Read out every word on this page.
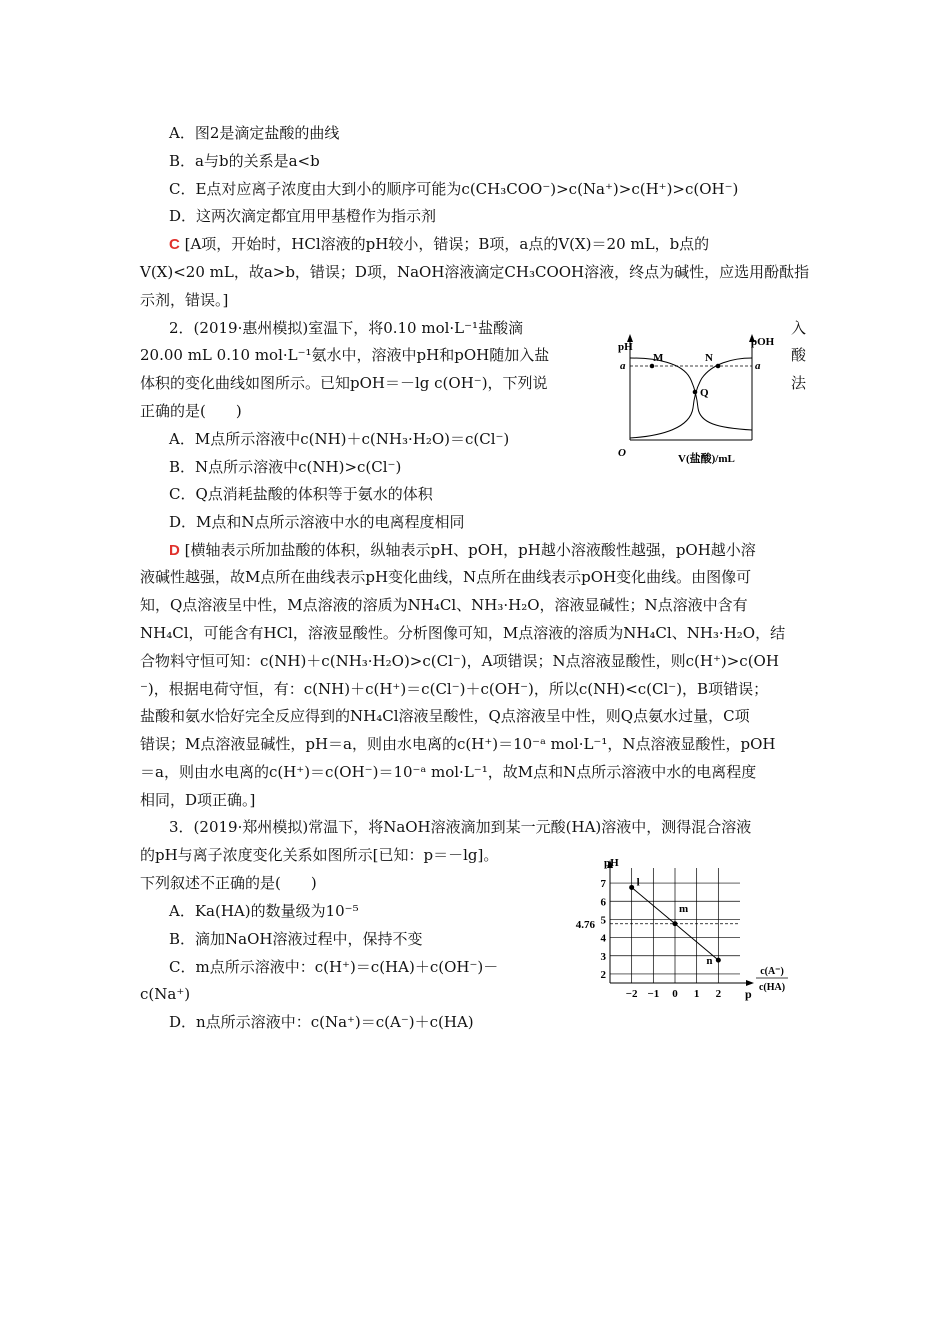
A．图2是滴定盐酸的曲线
B．a与b的关系是a<b
C．E点对应离子浓度由大到小的顺序可能为c(CH₃COO⁻)>c(Na⁺)>c(H⁺)>c(OH⁻)
D．这两次滴定都宜用甲基橙作为指示剂
C [A项，开始时，HCl溶液的pH较小，错误；B项，a点的V(X)＝20 mL，b点的
V(X)<20 mL，故a>b，错误；D项，NaOH溶液滴定CH₃COOH溶液，终点为碱性，应选用酚酞指
示剂，错误。]
2．(2019·惠州模拟)室温下，将0.10 mol·L⁻¹盐酸滴
20.00 mL 0.10 mol·L⁻¹氨水中，溶液中pH和pOH随加入盐
体积的变化曲线如图所示。已知pOH＝－lg c(OH⁻)，下列说
正确的是(　　)
入
酸
法
A．M点所示溶液中c(NH)＋c(NH₃·H₂O)＝c(Cl⁻)
B．N点所示溶液中c(NH)>c(Cl⁻)
C．Q点消耗盐酸的体积等于氨水的体积
D．M点和N点所示溶液中水的电离程度相同
pH	pOH
a	a
M	N
Q
O	V(盐酸)/mL
D [横轴表示所加盐酸的体积，纵轴表示pH、pOH，pH越小溶液酸性越强，pOH越小溶
液碱性越强，故M点所在曲线表示pH变化曲线，N点所在曲线表示pOH变化曲线。由图像可
知，Q点溶液呈中性，M点溶液的溶质为NH₄Cl、NH₃·H₂O，溶液显碱性；N点溶液中含有
NH₄Cl，可能含有HCl，溶液显酸性。分析图像可知，M点溶液的溶质为NH₄Cl、NH₃·H₂O，结
合物料守恒可知：c(NH)＋c(NH₃·H₂O)>c(Cl⁻)，A项错误；N点溶液显酸性，则c(H⁺)>c(OH
⁻)，根据电荷守恒，有：c(NH)＋c(H⁺)＝c(Cl⁻)＋c(OH⁻)，所以c(NH)<c(Cl⁻)，B项错误；
盐酸和氨水恰好完全反应得到的NH₄Cl溶液呈酸性，Q点溶液呈中性，则Q点氨水过量，C项
错误；M点溶液显碱性，pH＝a，则由水电离的c(H⁺)＝10⁻ᵃ mol·L⁻¹，N点溶液显酸性，pOH
＝a，则由水电离的c(H⁺)＝c(OH⁻)＝10⁻ᵃ mol·L⁻¹，故M点和N点所示溶液中水的电离程度
相同，D项正确。]
3．(2019·郑州模拟)常温下，将NaOH溶液滴加到某一元酸(HA)溶液中，测得混合溶液
的pH与离子浓度变化关系如图所示[已知：p＝－lg]。
下列叙述不正确的是(　　)
A．Ka(HA)的数量级为10⁻⁵
B．滴加NaOH溶液过程中，保持不变
C．m点所示溶液中：c(H⁺)＝c(HA)＋c(OH⁻)－
c(Na⁺)
D．n点所示溶液中：c(Na⁺)＝c(A⁻)＋c(HA)
4.76
−2 −1 0 1 2
2
3
4
5
6
7	l
m
n
pH
p
c(A⁻)
c(HA)
